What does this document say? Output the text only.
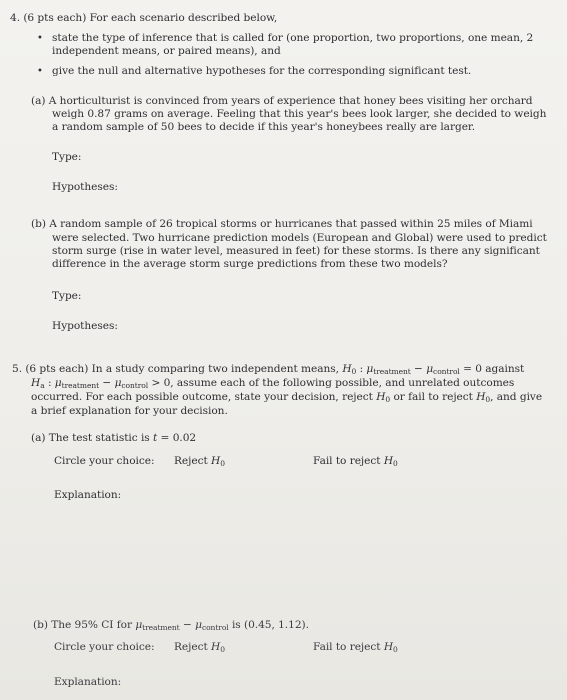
4. (6 pts each) For each scenario described below,
• state the type of inference that is called for (one proportion, two proportions, one mean, 2
independent means, or paired means), and
• give the null and alternative hypotheses for the corresponding significant test.
(a) A horticulturist is convinced from years of experience that honey bees visiting her orchard
weigh 0.87 grams on average. Feeling that this year's bees look larger, she decided to weigh
a random sample of 50 bees to decide if this year's honeybees really are larger.
Type:
Hypotheses:
(b) A random sample of 26 tropical storms or hurricanes that passed within 25 miles of Miami
were selected. Two hurricane prediction models (European and Global) were used to predict
storm surge (rise in water level, measured in feet) for these storms. Is there any significant
difference in the average storm surge predictions from these two models?
Type:
Hypotheses:
5. (6 pts each) In a study comparing two independent means, $H_0$ : $\mu_{treatment} - \mu_{control} = 0$ against
$H_a$ : $\mu_{treatment} - \mu_{control} > 0$, assume each of the following possible, and unrelated outcomes
occurred. For each possible outcome, state your decision, reject $H_0$ or fail to reject $H_0$, and give
a brief explanation for your decision.
(a) The test statistic is t = 0.02
Circle your choice: Reject $H_0$	Fail to reject $H_0$
Explanation:
(b) The 95% CI for $\mu_{treatment} - \mu_{control}$ is (0.45, 1.12).
Circle your choice: Reject $H_0$	Fail to reject $H_0$
Explanation:
